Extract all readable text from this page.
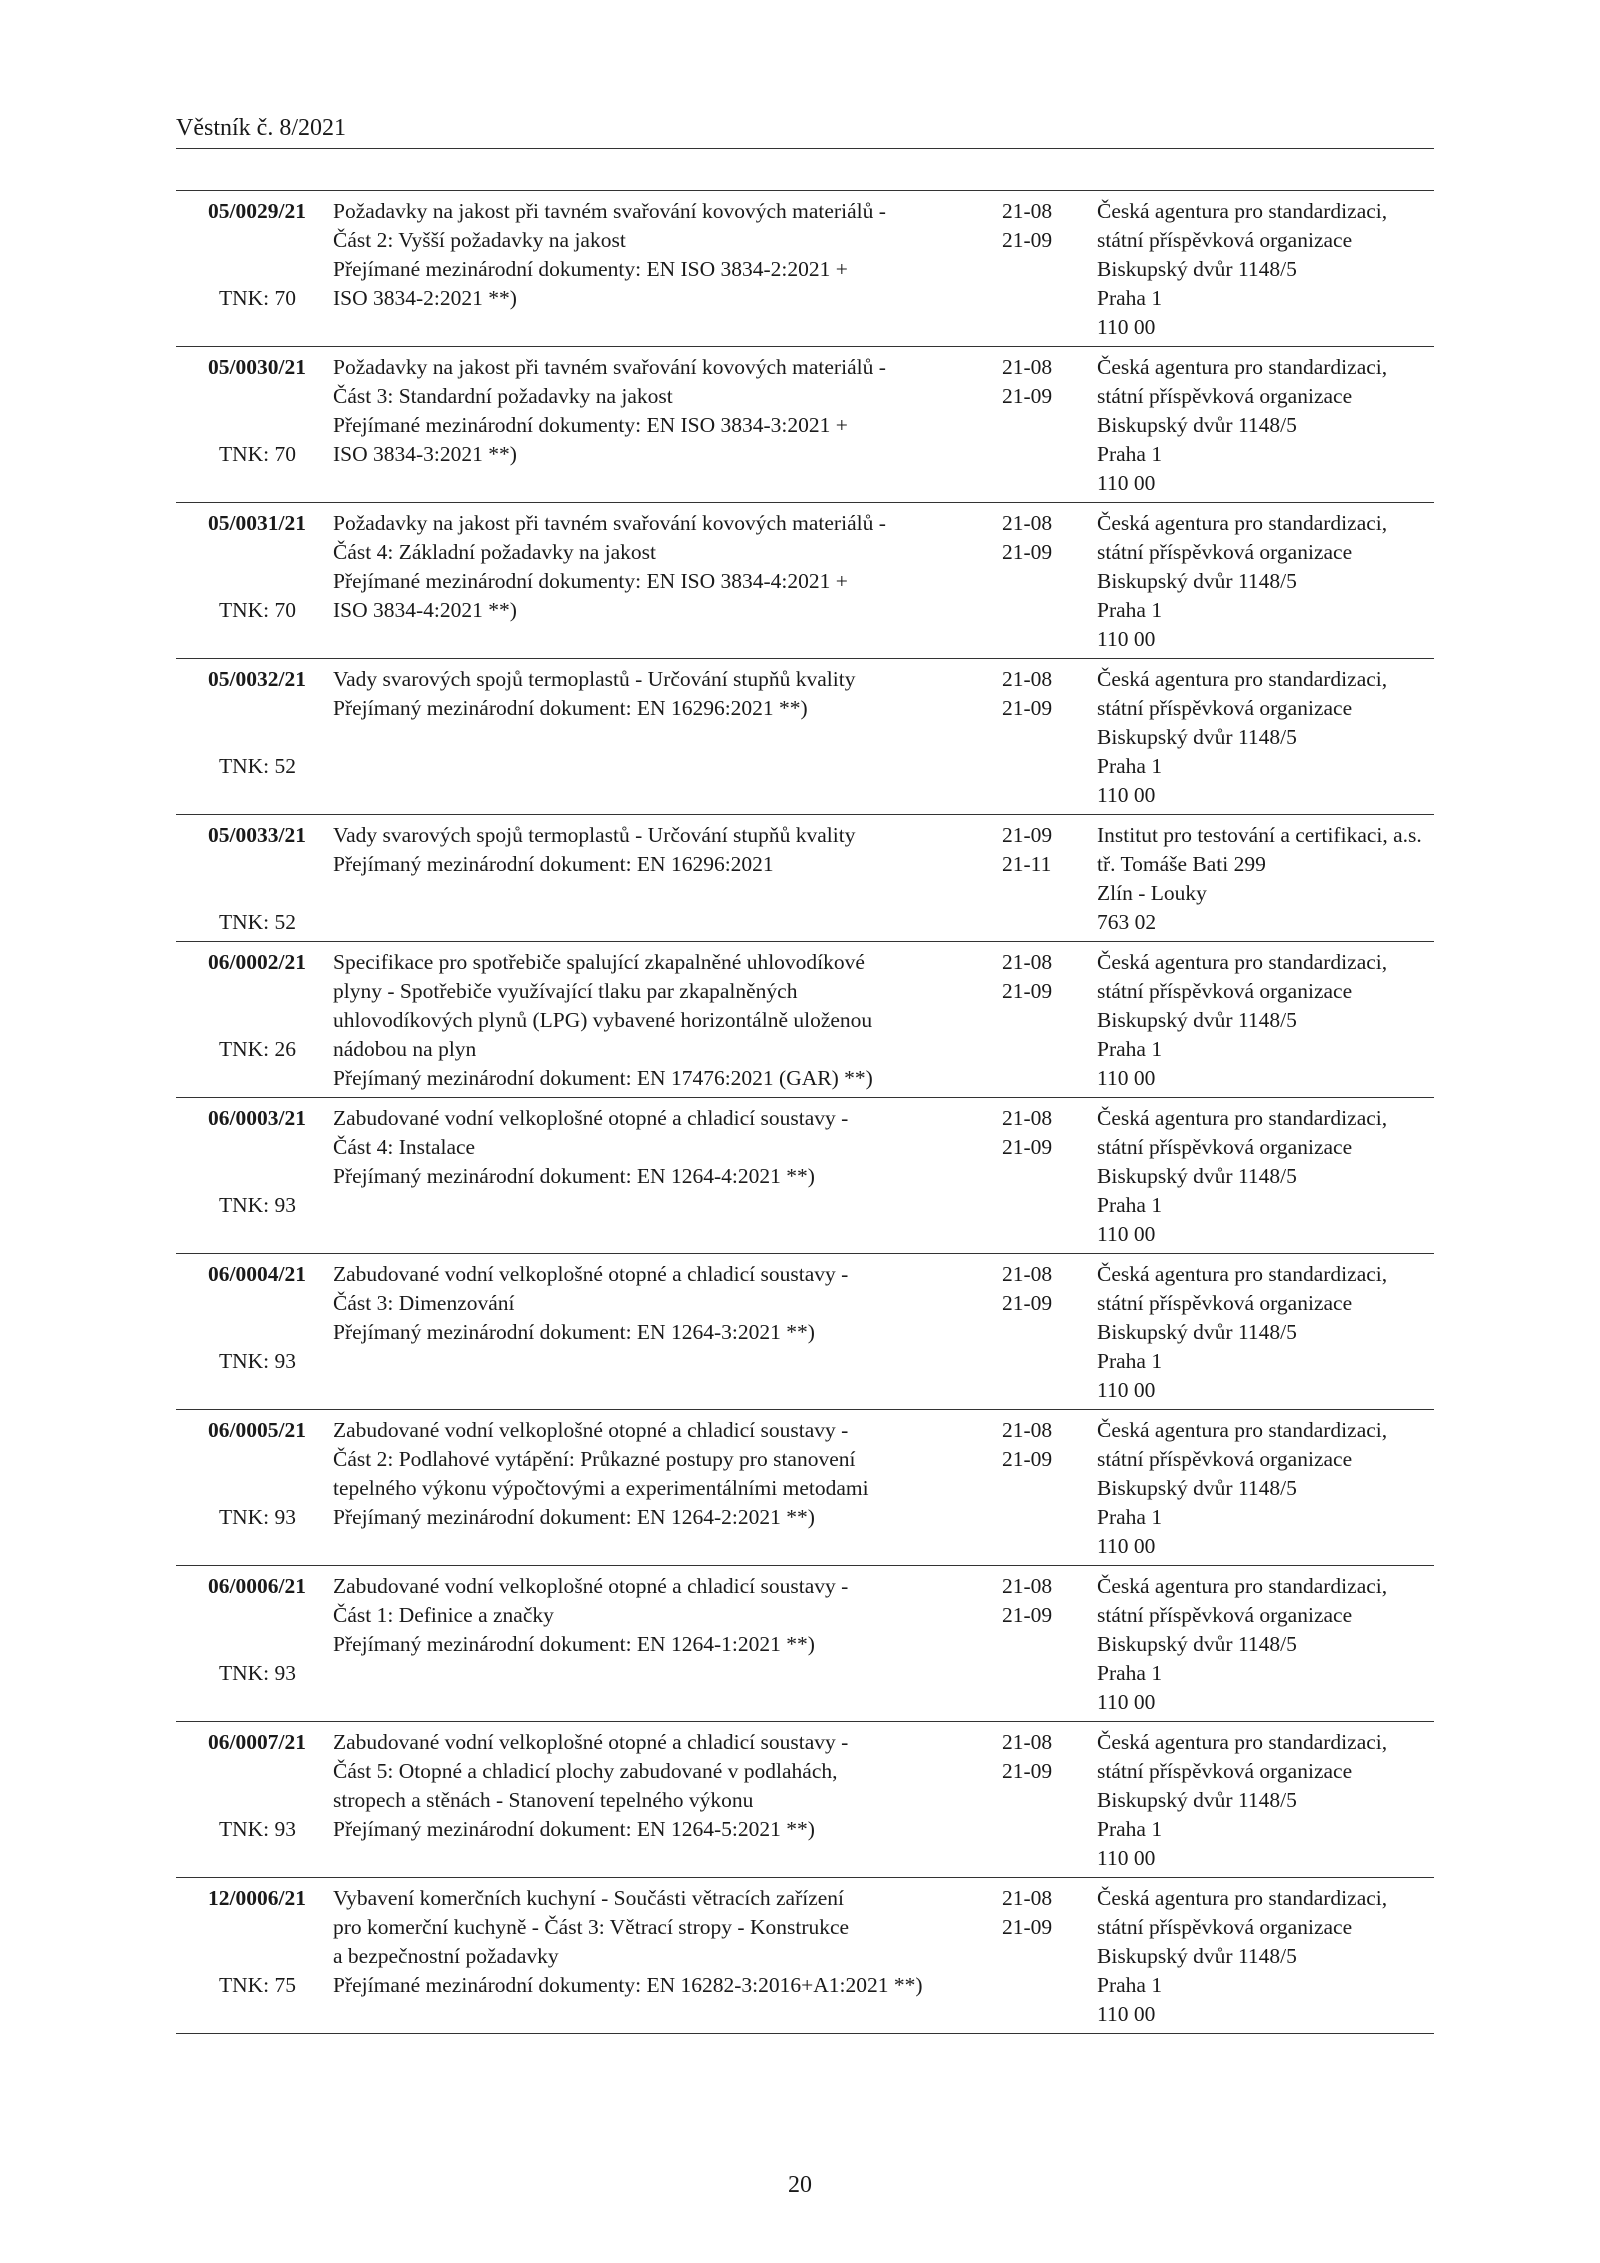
Věstník č. 8/2021
05/0029/21
TNK: 70
Požadavky na jakost při tavném svařování kovových materiálů -
Část 2: Vyšší požadavky na jakost
Přejímané mezinárodní dokumenty: EN ISO 3834-2:2021 +
ISO 3834-2:2021 **)
21-08
21-09
Česká agentura pro standardizaci,
státní příspěvková organizace
Biskupský dvůr 1148/5
Praha 1
110 00
05/0030/21
TNK: 70
Požadavky na jakost při tavném svařování kovových materiálů -
Část 3: Standardní požadavky na jakost
Přejímané mezinárodní dokumenty: EN ISO 3834-3:2021 +
ISO 3834-3:2021 **)
21-08
21-09
Česká agentura pro standardizaci,
státní příspěvková organizace
Biskupský dvůr 1148/5
Praha 1
110 00
05/0031/21
TNK: 70
Požadavky na jakost při tavném svařování kovových materiálů -
Část 4: Základní požadavky na jakost
Přejímané mezinárodní dokumenty: EN ISO 3834-4:2021 +
ISO 3834-4:2021 **)
21-08
21-09
Česká agentura pro standardizaci,
státní příspěvková organizace
Biskupský dvůr 1148/5
Praha 1
110 00
05/0032/21
TNK: 52
Vady svarových spojů termoplastů - Určování stupňů kvality
Přejímaný mezinárodní dokument: EN 16296:2021 **)
21-08
21-09
Česká agentura pro standardizaci,
státní příspěvková organizace
Biskupský dvůr 1148/5
Praha 1
110 00
05/0033/21
TNK: 52
Vady svarových spojů termoplastů - Určování stupňů kvality
Přejímaný mezinárodní dokument: EN 16296:2021
21-09
21-11
Institut pro testování a certifikaci, a.s.
tř. Tomáše Bati 299
Zlín - Louky
763 02
06/0002/21
TNK: 26
Specifikace pro spotřebiče spalující zkapalněné uhlovodíkové
plyny - Spotřebiče využívající tlaku par zkapalněných
uhlovodíkových plynů (LPG) vybavené horizontálně uloženou
nádobou na plyn
Přejímaný mezinárodní dokument: EN 17476:2021 (GAR) **)
21-08
21-09
Česká agentura pro standardizaci,
státní příspěvková organizace
Biskupský dvůr 1148/5
Praha 1
110 00
06/0003/21
TNK: 93
Zabudované vodní velkoplošné otopné a chladicí soustavy -
Část 4: Instalace
Přejímaný mezinárodní dokument: EN 1264-4:2021 **)
21-08
21-09
Česká agentura pro standardizaci,
státní příspěvková organizace
Biskupský dvůr 1148/5
Praha 1
110 00
06/0004/21
TNK: 93
Zabudované vodní velkoplošné otopné a chladicí soustavy -
Část 3: Dimenzování
Přejímaný mezinárodní dokument: EN 1264-3:2021 **)
21-08
21-09
Česká agentura pro standardizaci,
státní příspěvková organizace
Biskupský dvůr 1148/5
Praha 1
110 00
06/0005/21
TNK: 93
Zabudované vodní velkoplošné otopné a chladicí soustavy -
Část 2: Podlahové vytápění: Průkazné postupy pro stanovení
tepelného výkonu výpočtovými a experimentálními metodami
Přejímaný mezinárodní dokument: EN 1264-2:2021 **)
21-08
21-09
Česká agentura pro standardizaci,
státní příspěvková organizace
Biskupský dvůr 1148/5
Praha 1
110 00
06/0006/21
TNK: 93
Zabudované vodní velkoplošné otopné a chladicí soustavy -
Část 1: Definice a značky
Přejímaný mezinárodní dokument: EN 1264-1:2021 **)
21-08
21-09
Česká agentura pro standardizaci,
státní příspěvková organizace
Biskupský dvůr 1148/5
Praha 1
110 00
06/0007/21
TNK: 93
Zabudované vodní velkoplošné otopné a chladicí soustavy -
Část 5: Otopné a chladicí plochy zabudované v podlahách,
stropech a stěnách - Stanovení tepelného výkonu
Přejímaný mezinárodní dokument: EN 1264-5:2021 **)
21-08
21-09
Česká agentura pro standardizaci,
státní příspěvková organizace
Biskupský dvůr 1148/5
Praha 1
110 00
12/0006/21
TNK: 75
Vybavení komerčních kuchyní - Součásti větracích zařízení
pro komerční kuchyně - Část 3: Větrací stropy - Konstrukce
a bezpečnostní požadavky
Přejímané mezinárodní dokumenty: EN 16282-3:2016+A1:2021 **)
21-08
21-09
Česká agentura pro standardizaci,
státní příspěvková organizace
Biskupský dvůr 1148/5
Praha 1
110 00
20
